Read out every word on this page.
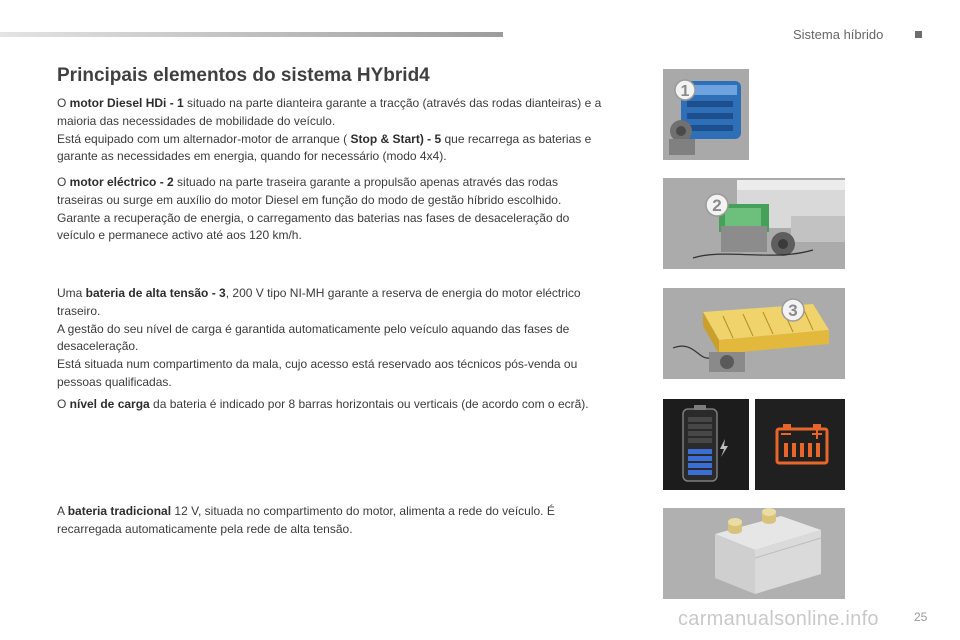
Sistema híbrido
Principais elementos do sistema HYbrid4

O motor Diesel HDi - 1 situado na parte dianteira garante a tracção (através das rodas dianteiras) e a maioria das necessidades de mobilidade do veículo.
Está equipado com um alternador-motor de arranque ( Stop & Start) - 5 que recarrega as baterias e garante as necessidades em energia, quando for necessário (modo 4x4).

O motor eléctrico - 2 situado na parte traseira garante a propulsão apenas através das rodas traseiras ou surge em auxílio do motor Diesel em função do modo de gestão híbrido escolhido.
Garante a recuperação de energia, o carregamento das baterias nas fases de desaceleração do veículo e permanece activo até aos 120 km/h.

Uma bateria de alta tensão - 3, 200 V tipo NI-MH garante a reserva de energia do motor eléctrico traseiro.
A gestão do seu nível de carga é garantida automaticamente pelo veículo aquando das fases de desaceleração.
Está situada num compartimento da mala, cujo acesso está reservado aos técnicos pós-venda ou pessoas qualificadas.

O nível de carga da bateria é indicado por 8 barras horizontais ou verticais (de acordo com o ecrã).

A bateria tradicional 12 V, situada no compartimento do motor, alimenta a rede do veículo. É recarregada automaticamente pela rede de alta tensão.

1
2
3
carmanualsonline.info	25
